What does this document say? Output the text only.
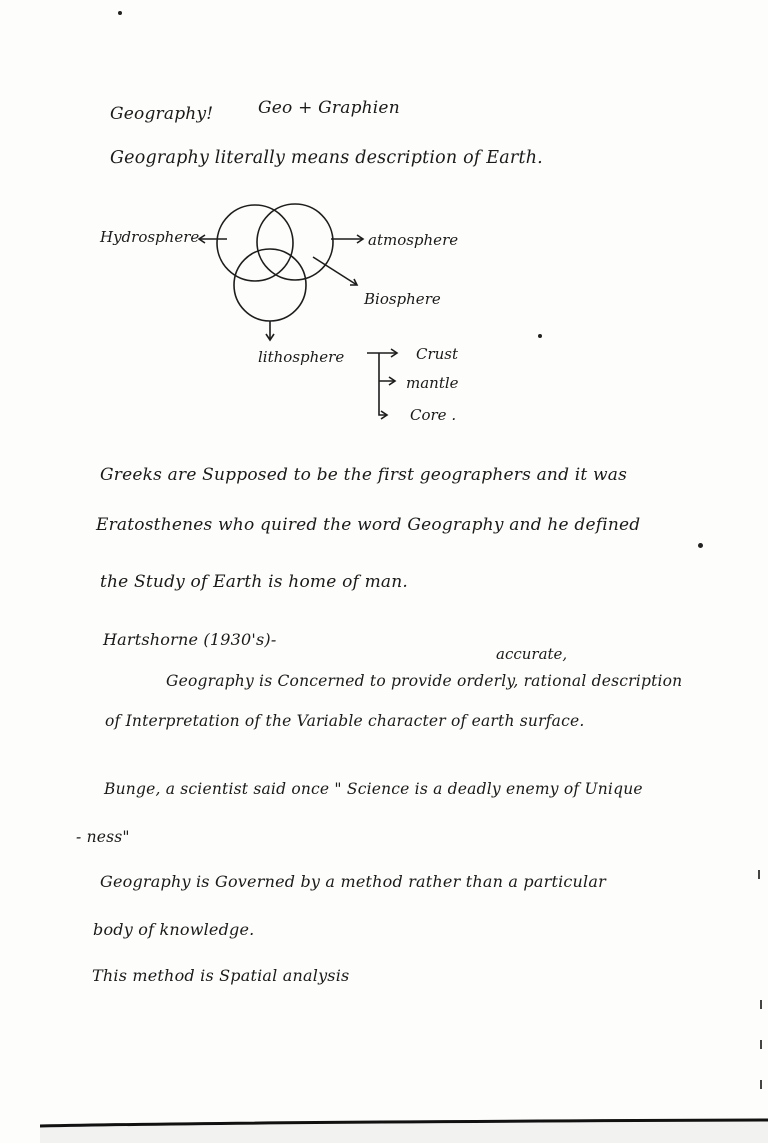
Geography!	Geo + Graphien
Geography literally means description of Earth.
Hydrosphere	atmosphere
Biosphere
lithosphere	Crust
mantle
Core .
Greeks are Supposed to be the first geographers and it was
Eratosthenes who quired the word Geography and he defined
the Study of Earth is home of man.
Hartshorne (1930's)-
accurate,
Geography is Concerned to provide orderly, rational description
of Interpretation of the Variable character of earth surface.
Bunge, a scientist said once " Science is a deadly enemy of Unique
- ness"
Geography is Governed by a method rather than a particular
body of knowledge.
This method is Spatial analysis
